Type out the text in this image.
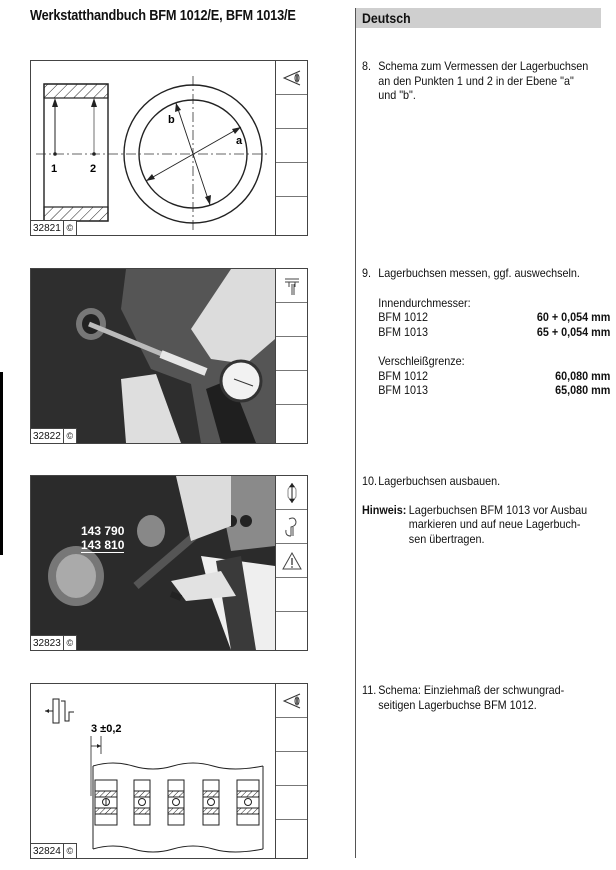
Werkstatthandbuch BFM 1012/E, BFM 1013/E	Deutsch
1	2
a
b
32821 ©
32822 ©
143 790
143 810
32823 ©
3 ±0,2
32824 ©
8. Schema zum Vermessen der Lagerbuchsen
an den Punkten 1 und 2 in der Ebene "a"
und "b".
9. Lagerbuchsen messen, ggf. auswechseln.
Innendurchmesser:
BFM 1012	60 + 0,054 mm
BFM 1013	65 + 0,054 mm
Verschleißgrenze:
BFM 1012	60,080 mm
BFM 1013	65,080 mm
10.Lagerbuchsen ausbauen.
Hinweis: Lagerbuchsen BFM 1013 vor Ausbau
markieren und auf neue Lagerbuch-
sen übertragen.
11. Schema: Einziehmaß der schwungrad-
seitigen Lagerbuchse BFM 1012.
